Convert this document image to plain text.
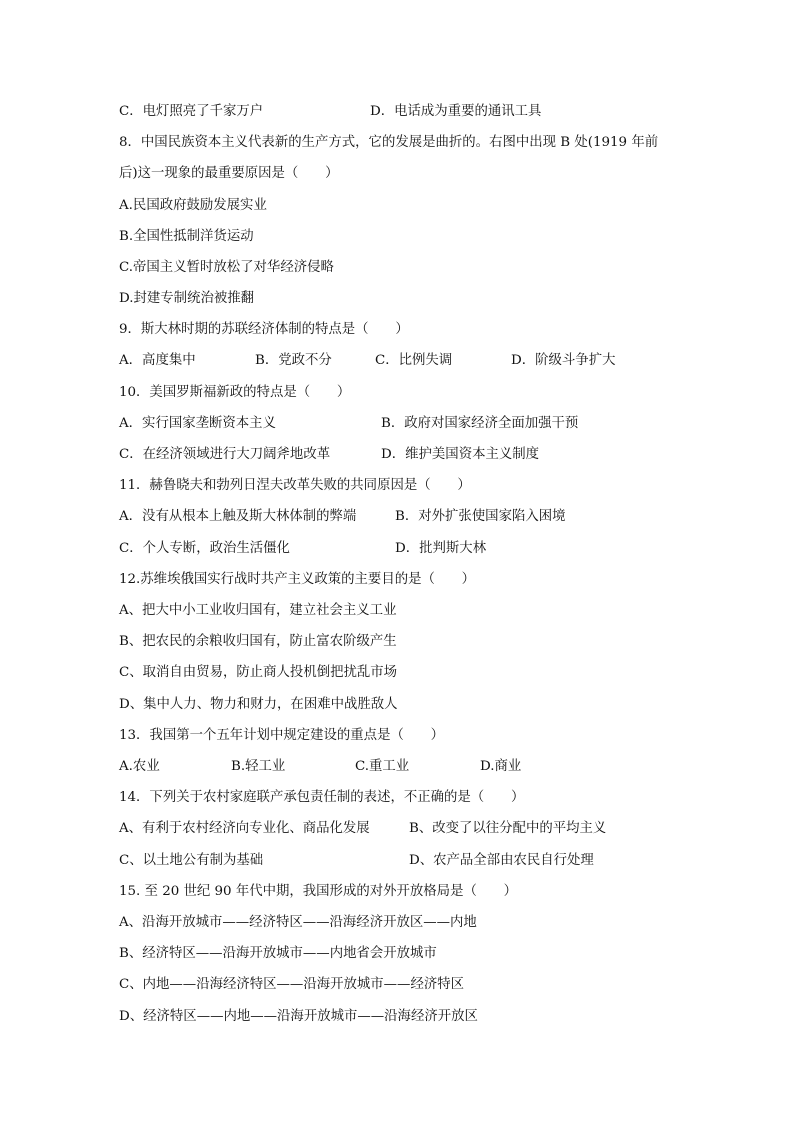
C．电灯照亮了千家万户	D．电话成为重要的通讯工具
8．中国民族资本主义代表新的生产方式，它的发展是曲折的。右图中出现 B 处(1919 年前
后)这一现象的最重要原因是（　　）
A.民国政府鼓励发展实业
B.全国性抵制洋货运动
C.帝国主义暂时放松了对华经济侵略
D.封建专制统治被推翻
9．斯大林时期的苏联经济体制的特点是（　　）
A．高度集中	B．党政不分	C．比例失调	D．阶级斗争扩大
10．美国罗斯福新政的特点是（　　）
A．实行国家垄断资本主义	B．政府对国家经济全面加强干预
C．在经济领域进行大刀阔斧地改革	D．维护美国资本主义制度
11．赫鲁晓夫和勃列日涅夫改革失败的共同原因是（　　）
A．没有从根本上触及斯大林体制的弊端	B．对外扩张使国家陷入困境
C．个人专断，政治生活僵化	D．批判斯大林
12.苏维埃俄国实行战时共产主义政策的主要目的是（　　）
A、把大中小工业收归国有，建立社会主义工业
B、把农民的余粮收归国有，防止富农阶级产生
C、取消自由贸易，防止商人投机倒把扰乱市场
D、集中人力、物力和财力，在困难中战胜敌人
13．我国第一个五年计划中规定建设的重点是（　　）
A.农业	B.轻工业	C.重工业	D.商业
14．下列关于农村家庭联产承包责任制的表述，不正确的是（　　）
A、有利于农村经济向专业化、商品化发展	B、改变了以往分配中的平均主义
C、以土地公有制为基础	D、农产品全部由农民自行处理
15. 至 20 世纪 90 年代中期，我国形成的对外开放格局是（　　）
A、沿海开放城市——经济特区——沿海经济开放区——内地
B、经济特区——沿海开放城市——内地省会开放城市
C、内地——沿海经济特区——沿海开放城市——经济特区
D、经济特区——内地——沿海开放城市——沿海经济开放区
